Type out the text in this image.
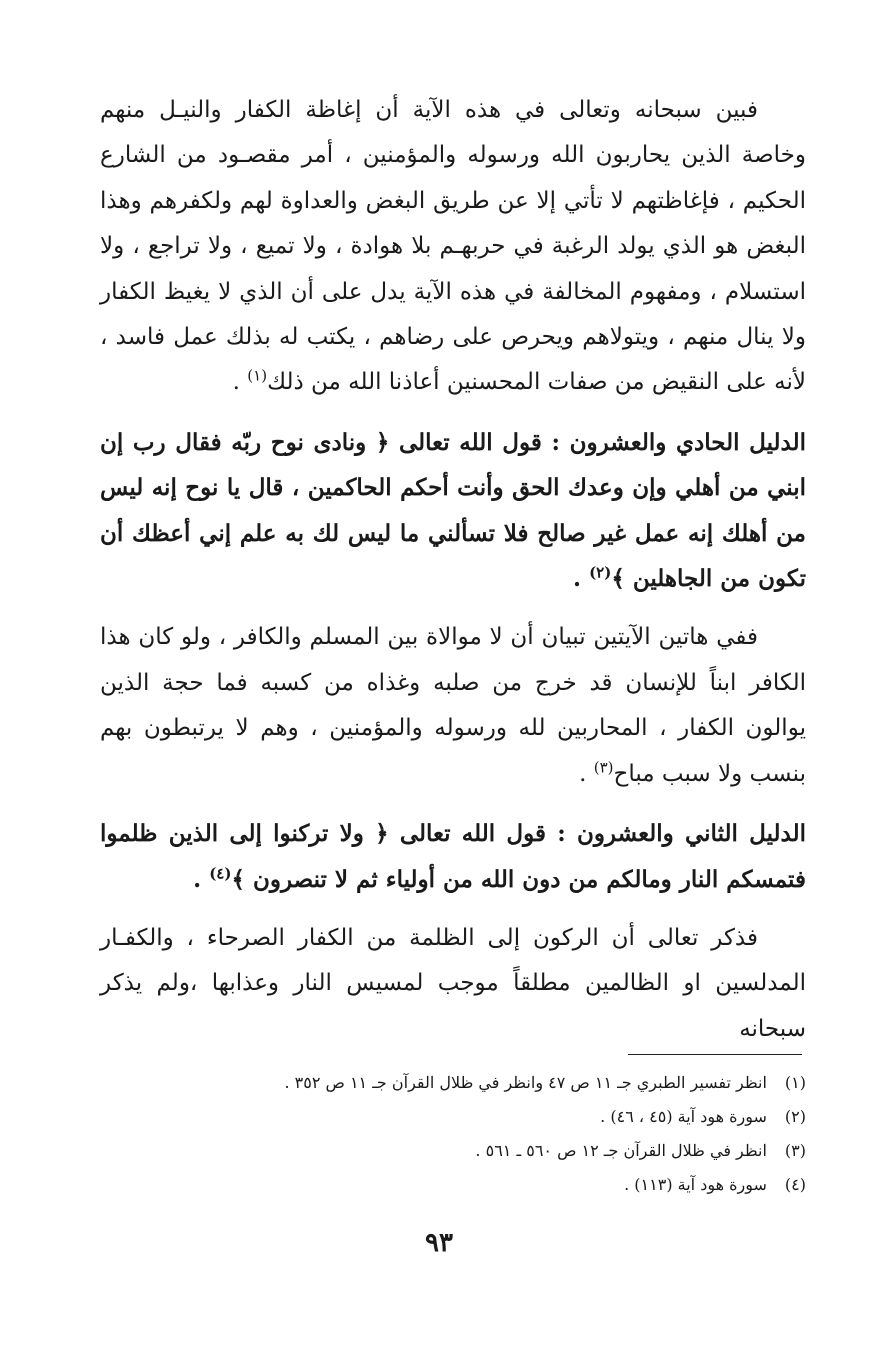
فبين سبحانه وتعالى في هذه الآية أن إغاظة الكفار والنيـل منهم وخاصة الذين يحاربون الله ورسوله والمؤمنين ، أمر مقصـود من الشارع الحكيم ، فإغاظتهم لا تأتي إلا عن طريق البغض والعداوة لهم ولكفرهم وهذا البغض هو الذي يولد الرغبة في حربهـم بلا هوادة ، ولا تميع ، ولا تراجع ، ولا استسلام ، ومفهوم المخالفة في هذه الآية يدل على أن الذي لا يغيظ الكفار ولا ينال منهم ، ويتولاهم ويحرص على رضاهم ، يكتب له بذلك عمل فاسد ، لأنه على النقيض من صفات المحسنين أعاذنا الله من ذلك$^{(١)}$ .

الدليل الحادي والعشرون : قول الله تعالى ﴿ ونادى نوح ربّه فقال رب إن ابني من أهلي وإن وعدك الحق وأنت أحكم الحاكمين ، قال يا نوح إنه ليس من أهلك إنه عمل غير صالح فلا تسألني ما ليس لك به علم إني أعظك أن تكون من الجاهلين ﴾$^{(٢)}$ .

ففي هاتين الآيتين تبيان أن لا موالاة بين المسلم والكافر ، ولو كان هذا الكافر ابناً للإنسان قد خرج من صلبه وغذاه من كسبه فما حجة الذين يوالون الكفار ، المحاربين لله ورسوله والمؤمنين ، وهم لا يرتبطون بهم بنسب ولا سبب مباح$^{(٣)}$ .

الدليل الثاني والعشرون : قول الله تعالى ﴿ ولا تركنوا إلى الذين ظلموا فتمسكم النار ومالكم من دون الله من أولياء ثم لا تنصرون ﴾$^{(٤)}$ .

فذكر تعالى أن الركون إلى الظلمة من الكفار الصرحاء ، والكفـار المدلسين او الظالمين مطلقاً موجب لمسيس النار وعذابها ،ولم يذكر سبحانه

(١) انظر تفسير الطبري جـ ١١ ص ٤٧ وانظر في ظلال القرآن جـ ١١ ص ٣٥٢ .
(٢) سورة هود آية (٤٥ ، ٤٦) .
(٣) انظر في ظلال القرآن جـ ١٢ ص ٥٦٠ ـ ٥٦١ .
(٤) سورة هود آية (١١٣) .
٩٣
